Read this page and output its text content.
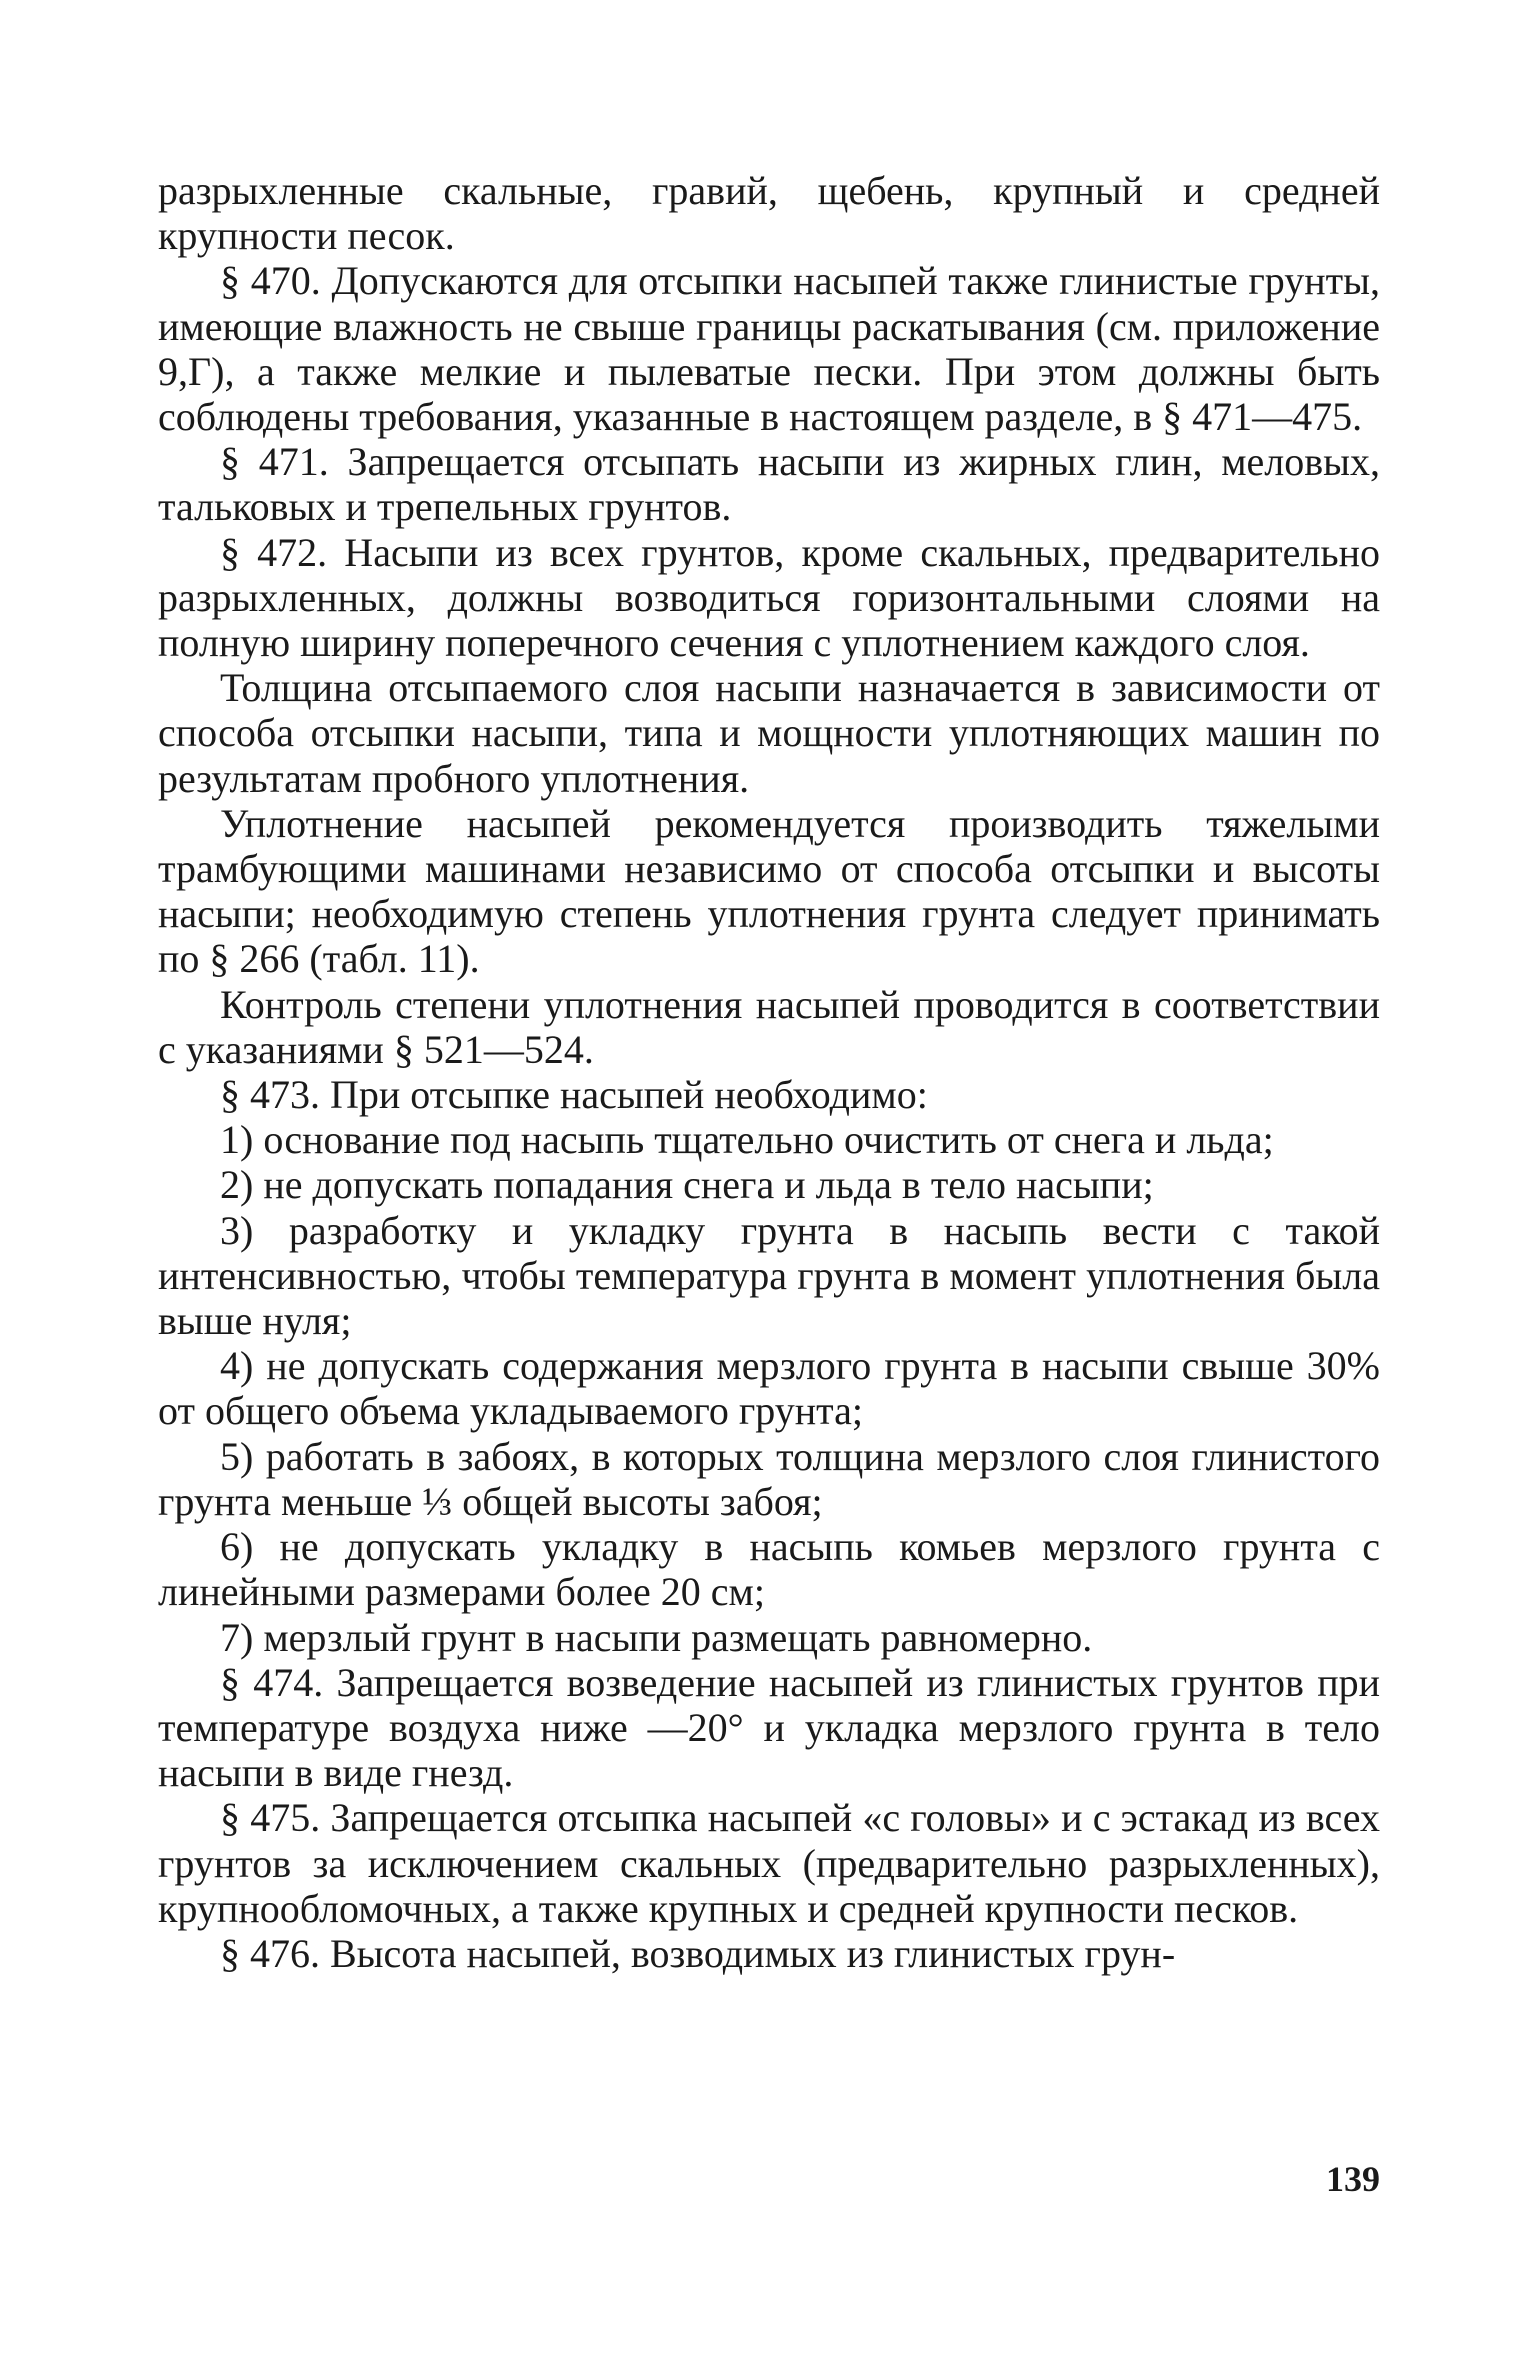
разрыхленные скальные, гравий, щебень, крупный и средней крупности песок.

§ 470. Допускаются для отсыпки насыпей также глинистые грунты, имеющие влажность не свыше границы раскатывания (см. приложение 9,Г), а также мелкие и пылеватые пески. При этом должны быть соблюдены требования, указанные в настоящем разделе, в § 471—475.

§ 471. Запрещается отсыпать насыпи из жирных глин, меловых, тальковых и трепельных грунтов.

§ 472. Насыпи из всех грунтов, кроме скальных, предварительно разрыхленных, должны возводиться горизонтальными слоями на полную ширину поперечного сечения с уплотнением каждого слоя.

Толщина отсыпаемого слоя насыпи назначается в зависимости от способа отсыпки насыпи, типа и мощности уплотняющих машин по результатам пробного уплотнения.

Уплотнение насыпей рекомендуется производить тяжелыми трамбующими машинами независимо от способа отсыпки и высоты насыпи; необходимую степень уплотнения грунта следует принимать по § 266 (табл. 11).

Контроль степени уплотнения насыпей проводится в соответствии с указаниями § 521—524.

§ 473. При отсыпке насыпей необходимо:

1) основание под насыпь тщательно очистить от снега и льда;

2) не допускать попадания снега и льда в тело насыпи;

3) разработку и укладку грунта в насыпь вести с такой интенсивностью, чтобы температура грунта в момент уплотнения была выше нуля;

4) не допускать содержания мерзлого грунта в насыпи свыше 30% от общего объема укладываемого грунта;

5) работать в забоях, в которых толщина мерзлого слоя глинистого грунта меньше ⅓ общей высоты забоя;

6) не допускать укладку в насыпь комьев мерзлого грунта с линейными размерами более 20 см;

7) мерзлый грунт в насыпи размещать равномерно.

§ 474. Запрещается возведение насыпей из глинистых грунтов при температуре воздуха ниже —20° и укладка мерзлого грунта в тело насыпи в виде гнезд.

§ 475. Запрещается отсыпка насыпей «с головы» и с эстакад из всех грунтов за исключением скальных (предварительно разрыхленных), крупнообломочных, а также крупных и средней крупности песков.

§ 476. Высота насыпей, возводимых из глинистых грун-

139
